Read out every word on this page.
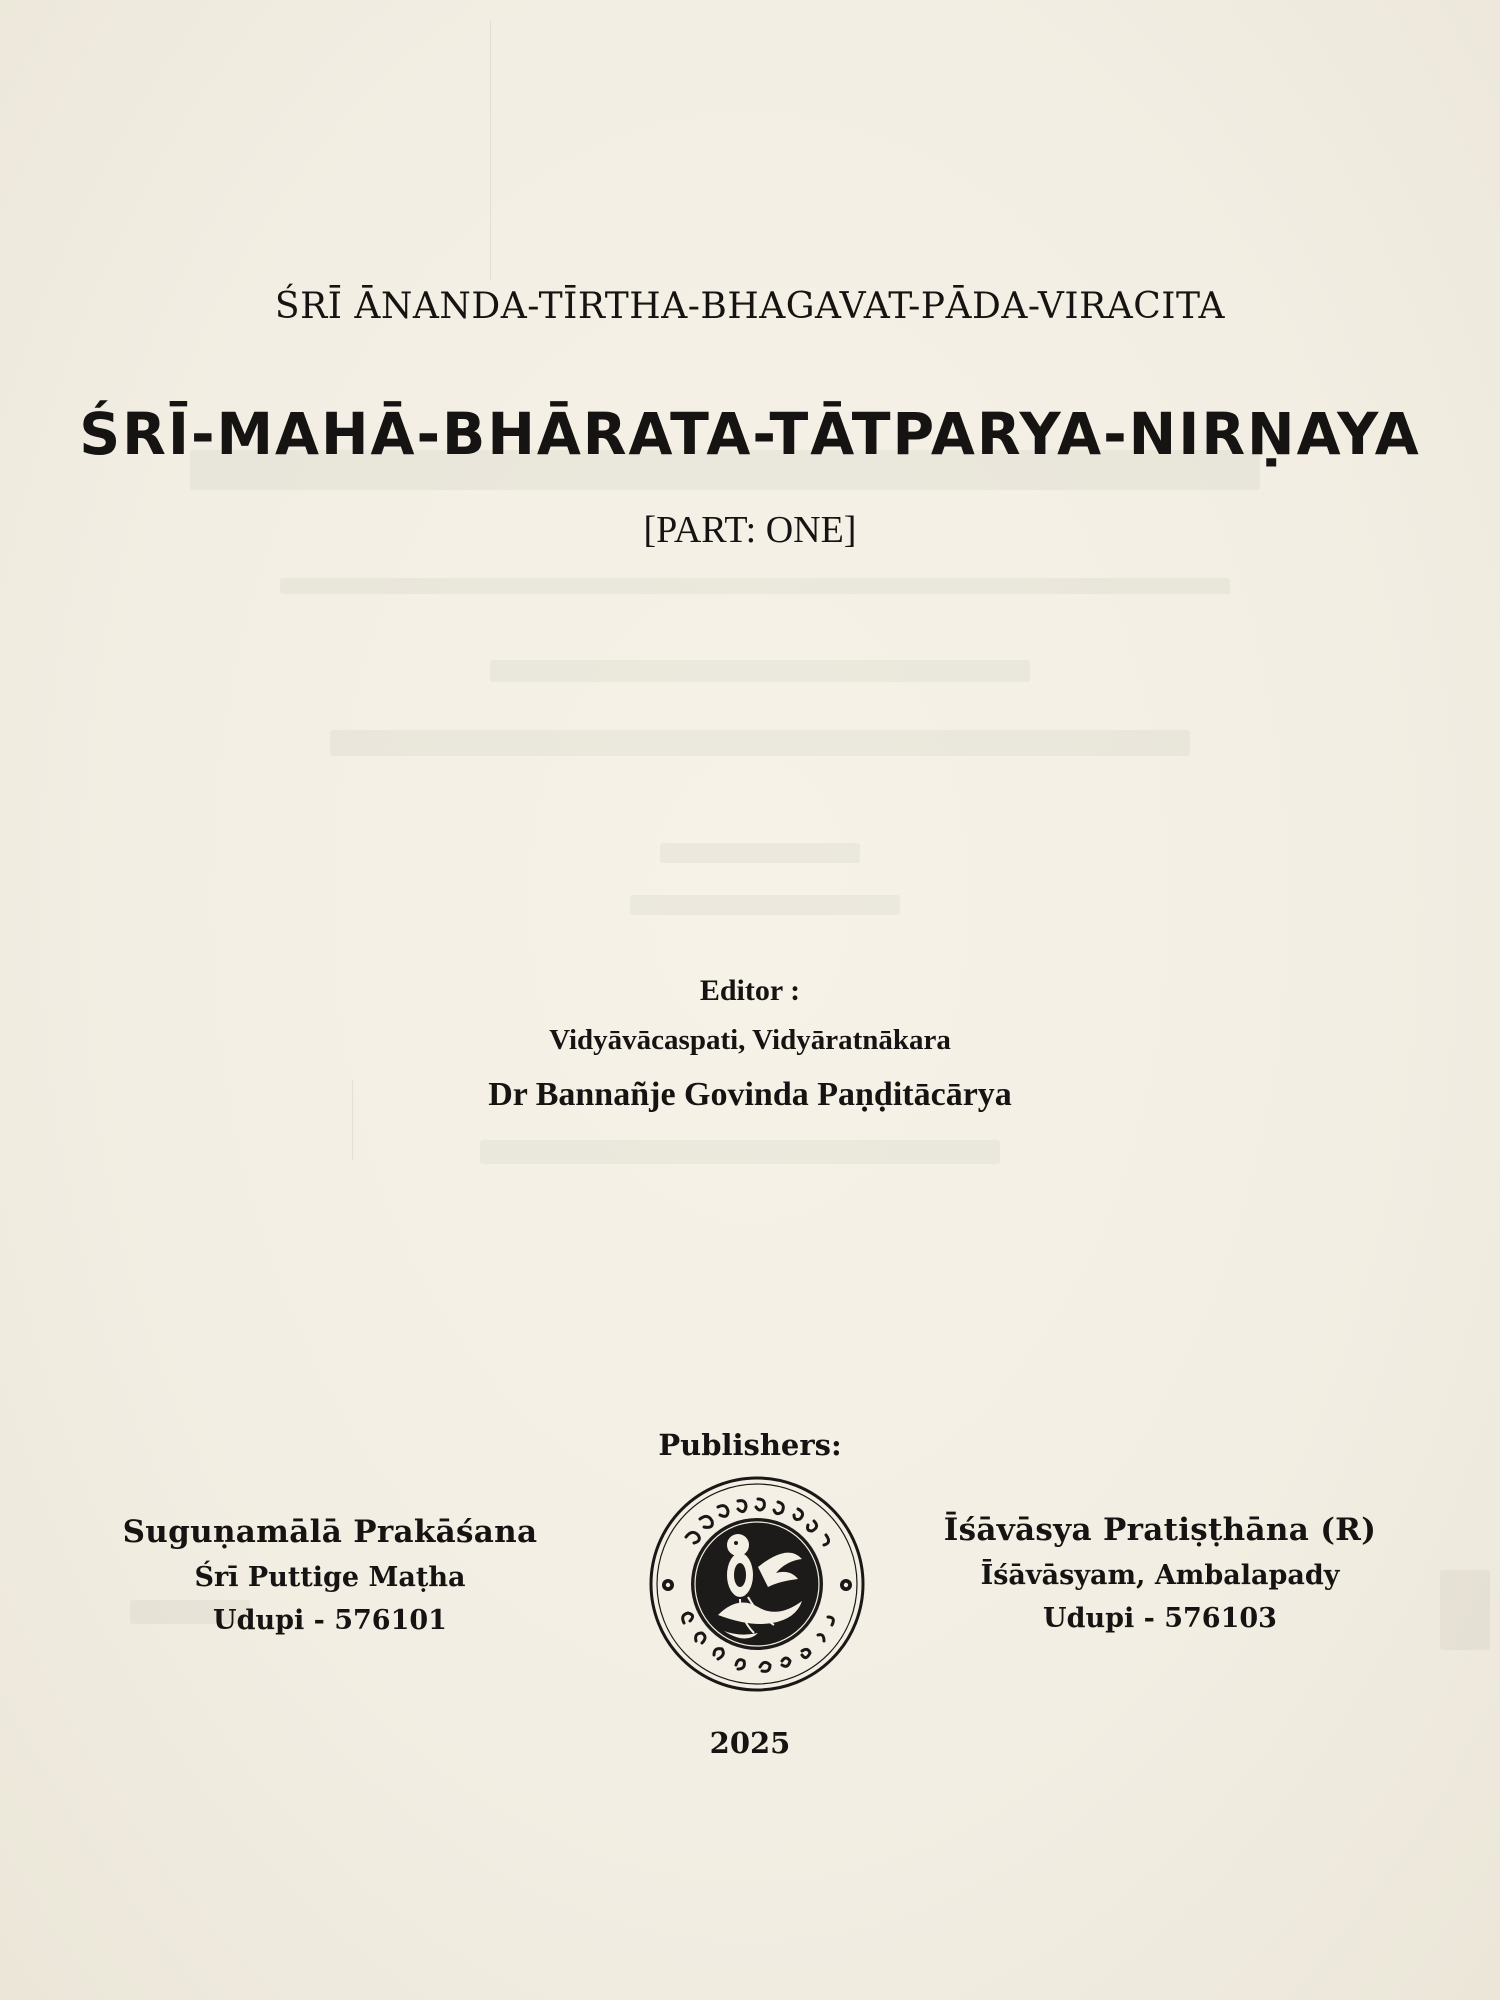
ŚRĪ ĀNANDA-TĪRTHA-BHAGAVAT-PĀDA-VIRACITA

ŚRĪ-MAHĀ-BHĀRATA-TĀTPARYA-NIRṆAYA

[PART: ONE]

Editor :

Vidyāvācaspati, Vidyāratnākara

Dr Bannañje Govinda Paṇḍitācārya

Publishers:

Suguṇamālā Prakāśana

Śrī Puttige Maṭha

Udupi - 576101

Īśāvāsya Pratiṣṭhāna (R)

Īśāvāsyam, Ambalapady

Udupi - 576103

2025
